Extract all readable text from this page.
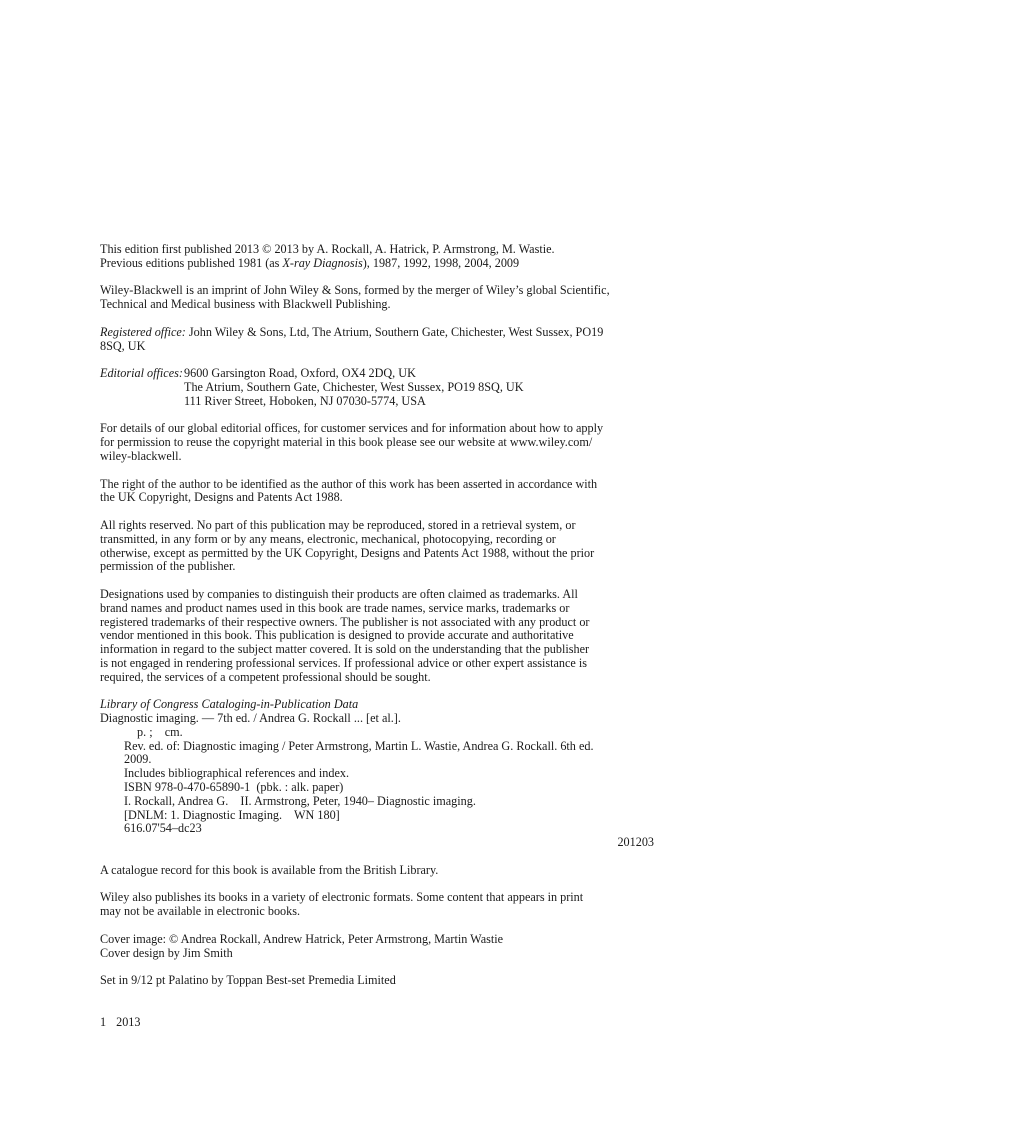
This edition first published 2013 © 2013 by A. Rockall, A. Hatrick, P. Armstrong, M. Wastie.
Previous editions published 1981 (as X-ray Diagnosis), 1987, 1992, 1998, 2004, 2009

Wiley-Blackwell is an imprint of John Wiley & Sons, formed by the merger of Wiley’s global Scientific,
Technical and Medical business with Blackwell Publishing.

Registered office: John Wiley & Sons, Ltd, The Atrium, Southern Gate, Chichester, West Sussex, PO19
8SQ, UK

Editorial offices: 9600 Garsington Road, Oxford, OX4 2DQ, UK
The Atrium, Southern Gate, Chichester, West Sussex, PO19 8SQ, UK
111 River Street, Hoboken, NJ 07030-5774, USA

For details of our global editorial offices, for customer services and for information about how to apply
for permission to reuse the copyright material in this book please see our website at www.wiley.com/
wiley-blackwell.

The right of the author to be identified as the author of this work has been asserted in accordance with
the UK Copyright, Designs and Patents Act 1988.

All rights reserved. No part of this publication may be reproduced, stored in a retrieval system, or
transmitted, in any form or by any means, electronic, mechanical, photocopying, recording or
otherwise, except as permitted by the UK Copyright, Designs and Patents Act 1988, without the prior
permission of the publisher.

Designations used by companies to distinguish their products are often claimed as trademarks. All
brand names and product names used in this book are trade names, service marks, trademarks or
registered trademarks of their respective owners. The publisher is not associated with any product or
vendor mentioned in this book. This publication is designed to provide accurate and authoritative
information in regard to the subject matter covered. It is sold on the understanding that the publisher
is not engaged in rendering professional services. If professional advice or other expert assistance is
required, the services of a competent professional should be sought.

Library of Congress Cataloging-in-Publication Data
Diagnostic imaging. — 7th ed. / Andrea G. Rockall ... [et al.].
p. ;    cm.
Rev. ed. of: Diagnostic imaging / Peter Armstrong, Martin L. Wastie, Andrea G. Rockall. 6th ed.
2009.
Includes bibliographical references and index.
ISBN 978-0-470-65890-1  (pbk. : alk. paper)
I. Rockall, Andrea G.    II. Armstrong, Peter, 1940– Diagnostic imaging.
[DNLM: 1. Diagnostic Imaging.    WN 180]
616.07'54–dc23
201203

A catalogue record for this book is available from the British Library.

Wiley also publishes its books in a variety of electronic formats. Some content that appears in print
may not be available in electronic books.

Cover image: © Andrea Rockall, Andrew Hatrick, Peter Armstrong, Martin Wastie
Cover design by Jim Smith

Set in 9/12 pt Palatino by Toppan Best-set Premedia Limited

1 2013
